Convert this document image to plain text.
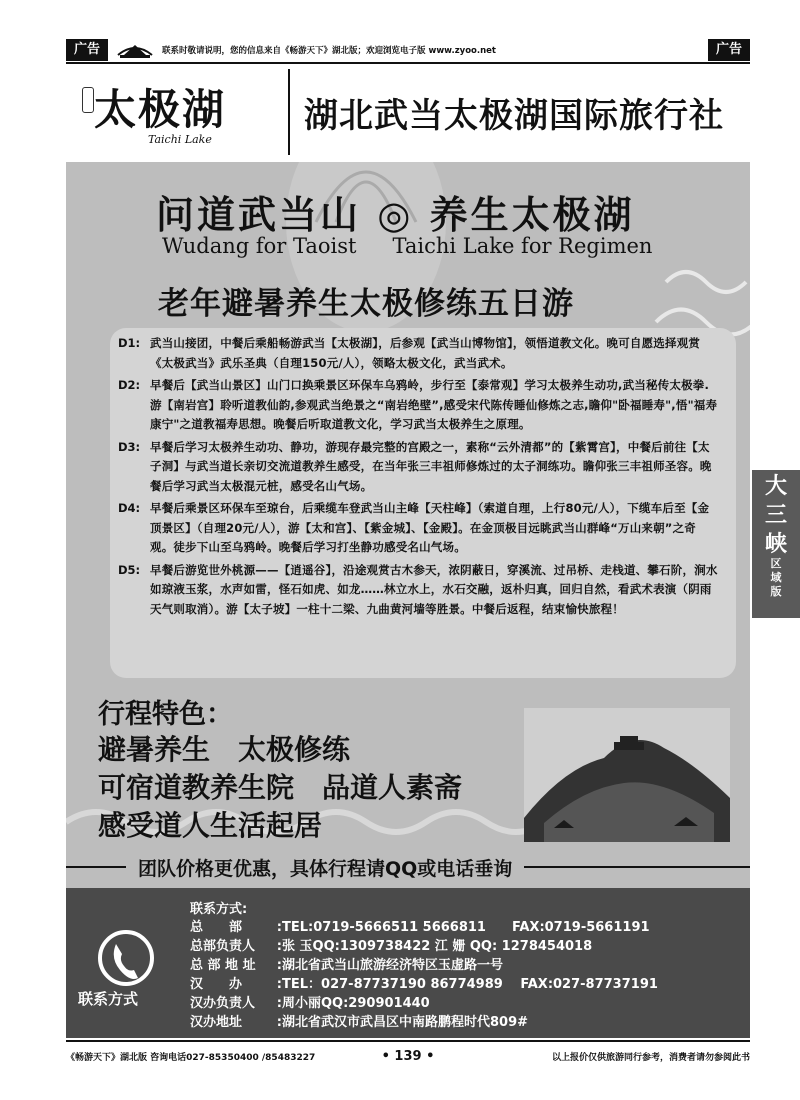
广告	联系时敬请说明，您的信息来自《畅游天下》湖北版；欢迎浏览电子版 www.zyoo.net	广告
太极湖
Taichi Lake
湖北武当太极湖国际旅行社
问道武当山 ◎ 养生太极湖
Wudang for Taoist Taichi Lake for Regimen
老年避暑养生太极修练五日游
D1: 武当山接团，中餐后乘船畅游武当【太极湖】，后参观【武当山博物馆】，领悟道教文化。晚可自愿选择观赏《太极武当》武乐圣典（自理150元/人），领略太极文化，武当武术。
D2: 早餐后【武当山景区】山门口换乘景区环保车乌鸦岭，步行至【泰常观】学习太极养生动功,武当秘传太极拳. 游【南岩宫】聆听道教仙韵,参观武当绝景之“南岩绝壁”,感受宋代陈传睡仙修炼之志,瞻仰"卧福睡寿",悟"福寿康宁"之道教福寿思想。晚餐后听取道教文化，学习武当太极养生之原理。
D3: 早餐后学习太极养生动功、静功，游现存最完整的宫殿之一，素称“云外清都”的【紫霄宫】，中餐后前往【太子洞】与武当道长亲切交流道教养生感受，在当年张三丰祖师修炼过的太子洞练功。瞻仰张三丰祖师圣容。晚餐后学习武当太极混元桩，感受名山气场。
D4: 早餐后乘景区环保车至琼台，后乘缆车登武当山主峰【天柱峰】（索道自理，上行80元/人），下缆车后至【金顶景区】（自理20元/人），游【太和宫】、【紫金城】、【金殿】。在金顶极目远眺武当山群峰“万山来朝”之奇观。徒步下山至乌鸦岭。晚餐后学习打坐静功感受名山气场。
D5: 早餐后游览世外桃源——【逍遥谷】，沿途观赏古木参天，浓阴蔽日，穿溪流、过吊桥、走栈道、攀石阶，涧水如琼液玉浆，水声如雷，怪石如虎、如龙……林立水上，水石交融，返朴归真，回归自然，看武术表演（阴雨天气则取消）。游【太子坡】一柱十二梁、九曲黄河墙等胜景。中餐后返程，结束愉快旅程！
行程特色：
避暑养生 太极修练
可宿道教养生院 品道人素斋
感受道人生活起居
团队价格更优惠，具体行程请QQ或电话垂询
联系方式
联系方式:
总　　部	: TEL:0719-5666511 5666811　　FAX:0719-5661191
总部负责人 : 张 玉QQ:1309738422 江 姗 QQ: 1278454018
总 部 地 址 : 湖北省武当山旅游经济特区玉虚路一号
汉　　办	: TEL：027-87737190 86774989　 FAX:027-87737191
汉办负责人 : 周小丽QQ:290901440
汉办地址	: 湖北省武汉市武昌区中南路鹏程时代809#
《畅游天下》湖北版 咨询电话027-85350400 /85483227	• 139 •	以上报价仅供旅游同行参考，消费者请勿参阅此书
大
三
峡
区
域
版
